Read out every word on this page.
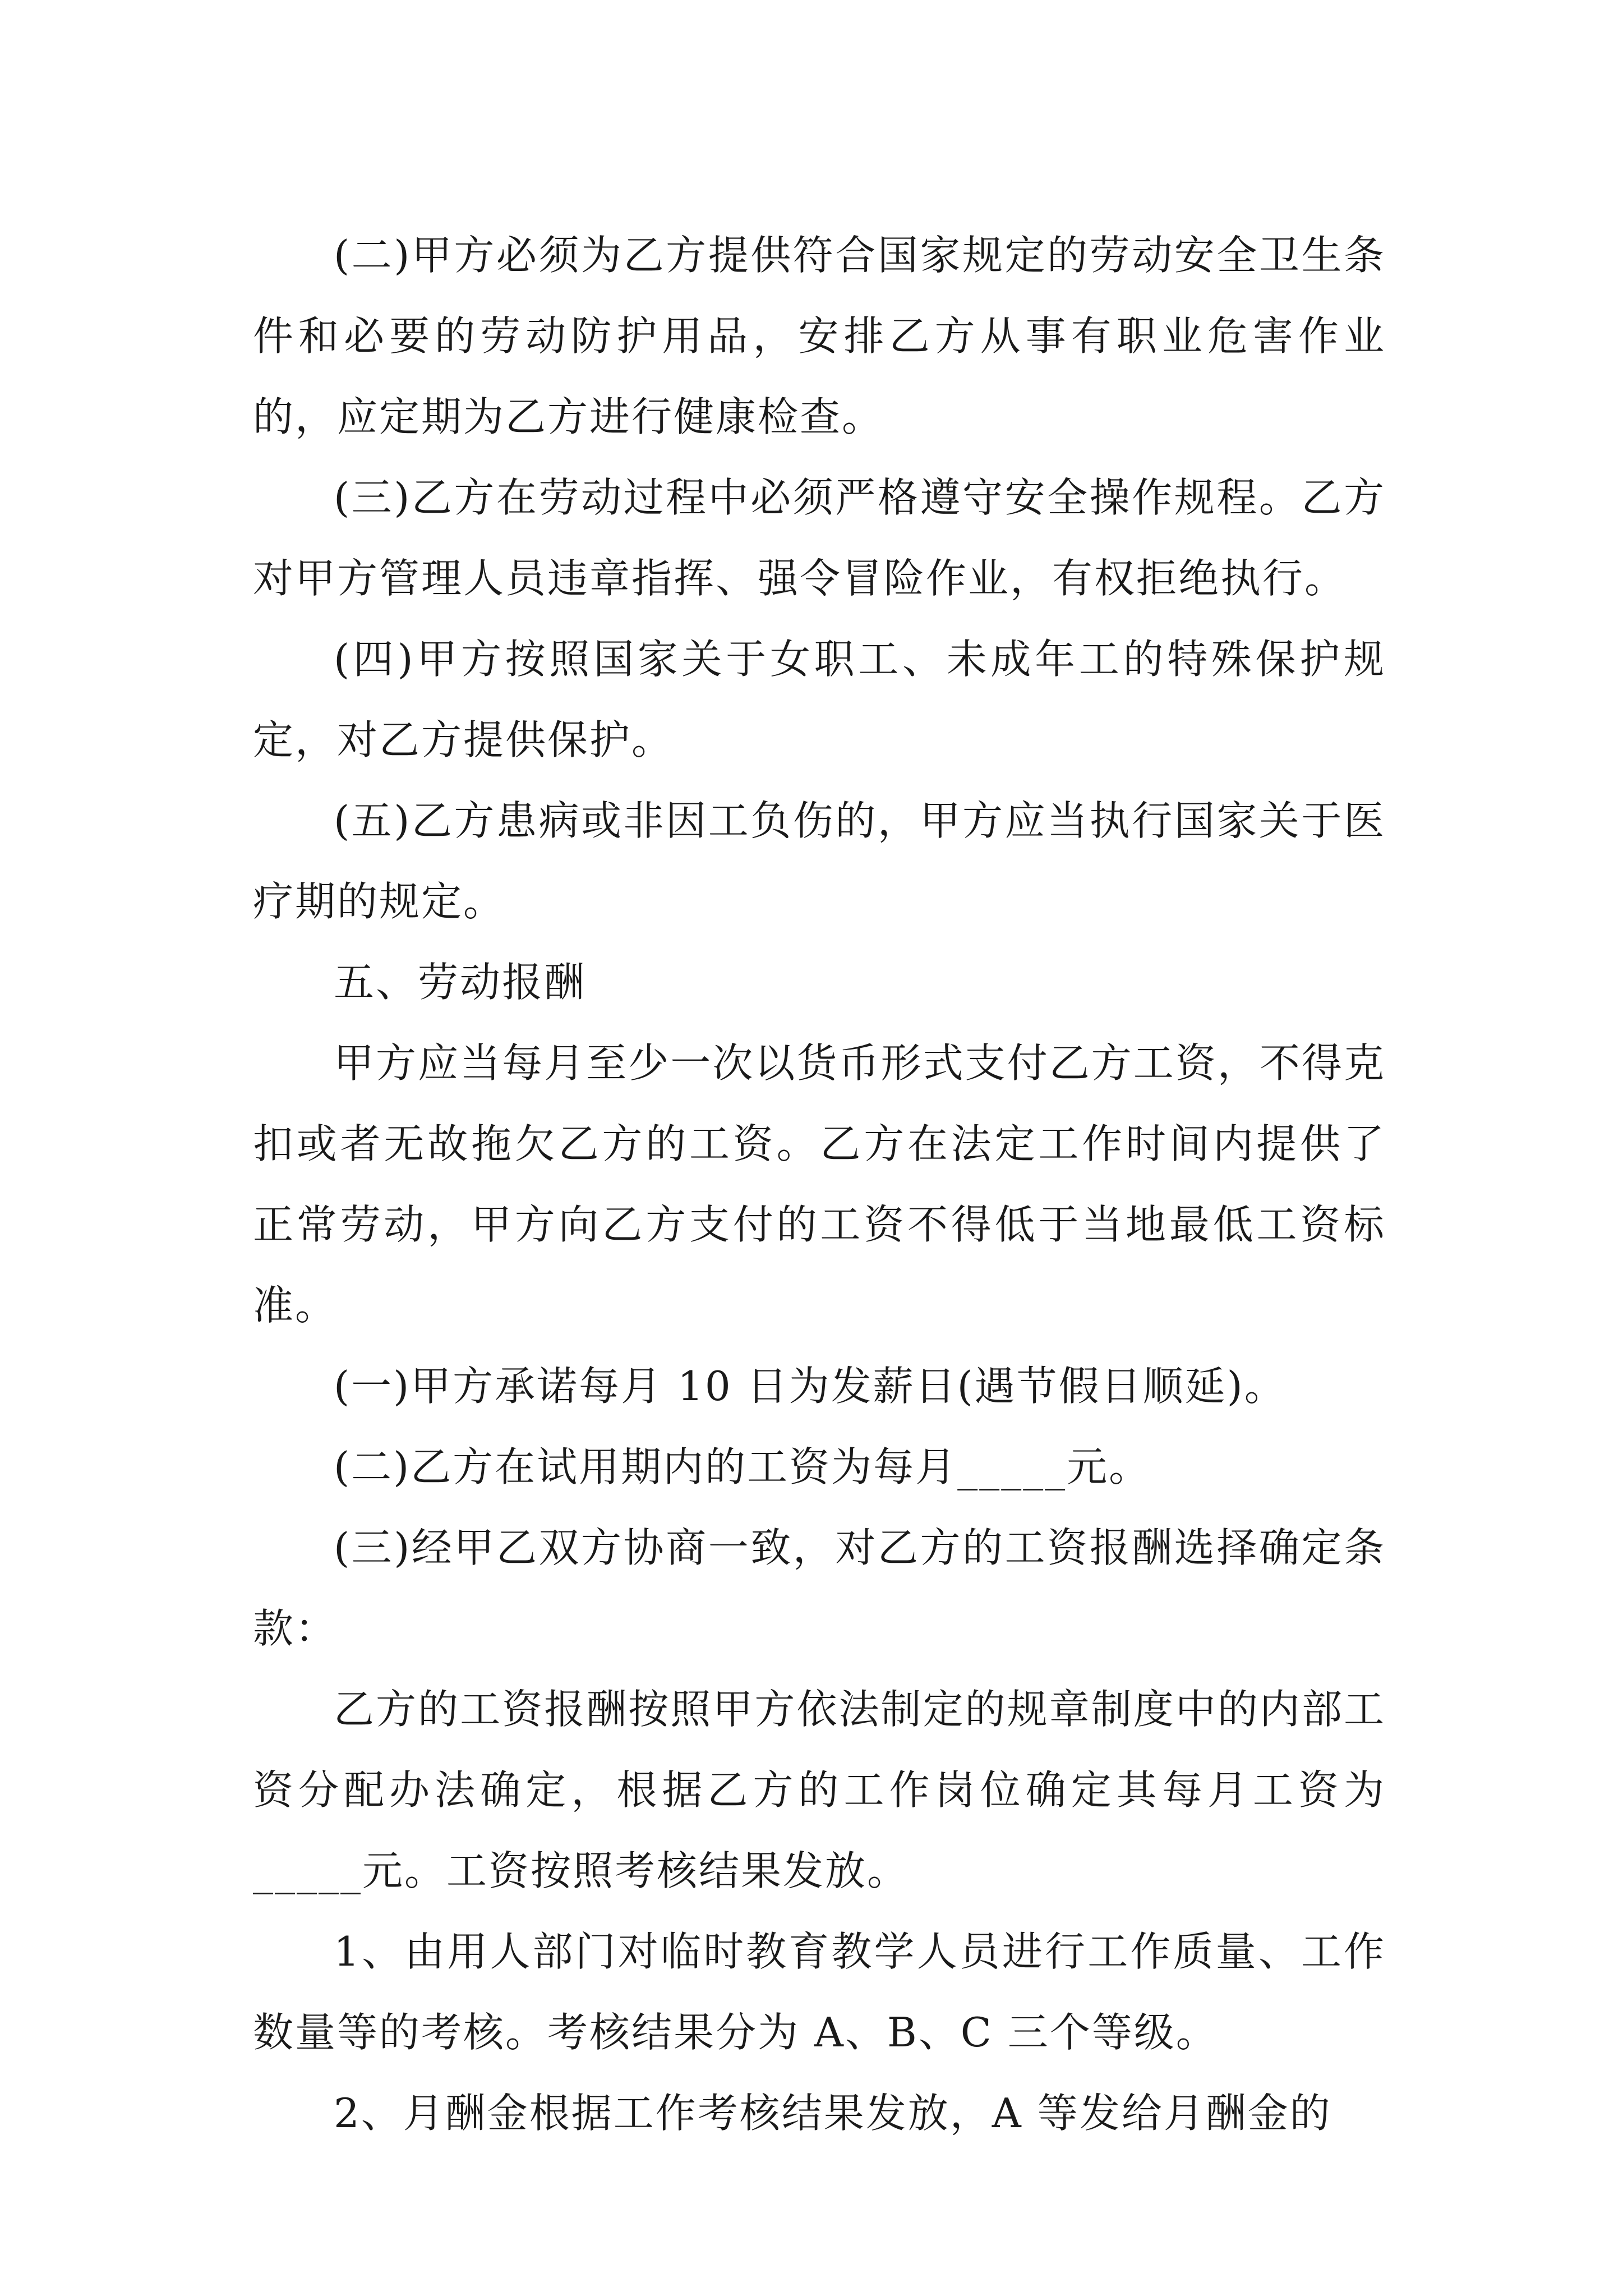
(二)甲方必须为乙方提供符合国家规定的劳动安全卫生条件和必要的劳动防护用品，安排乙方从事有职业危害作业的，应定期为乙方进行健康检查。

(三)乙方在劳动过程中必须严格遵守安全操作规程。乙方对甲方管理人员违章指挥、强令冒险作业，有权拒绝执行。

(四)甲方按照国家关于女职工、未成年工的特殊保护规定，对乙方提供保护。

(五)乙方患病或非因工负伤的，甲方应当执行国家关于医疗期的规定。

五、劳动报酬

甲方应当每月至少一次以货币形式支付乙方工资，不得克扣或者无故拖欠乙方的工资。乙方在法定工作时间内提供了正常劳动，甲方向乙方支付的工资不得低于当地最低工资标准。

(一)甲方承诺每月 10 日为发薪日(遇节假日顺延)。

(二)乙方在试用期内的工资为每月_____元。

(三)经甲乙双方协商一致，对乙方的工资报酬选择确定条款：

乙方的工资报酬按照甲方依法制定的规章制度中的内部工资分配办法确定，根据乙方的工作岗位确定其每月工资为_____元。工资按照考核结果发放。

1、由用人部门对临时教育教学人员进行工作质量、工作数量等的考核。考核结果分为 A、B、C 三个等级。

2、月酬金根据工作考核结果发放，A 等发给月酬金的
